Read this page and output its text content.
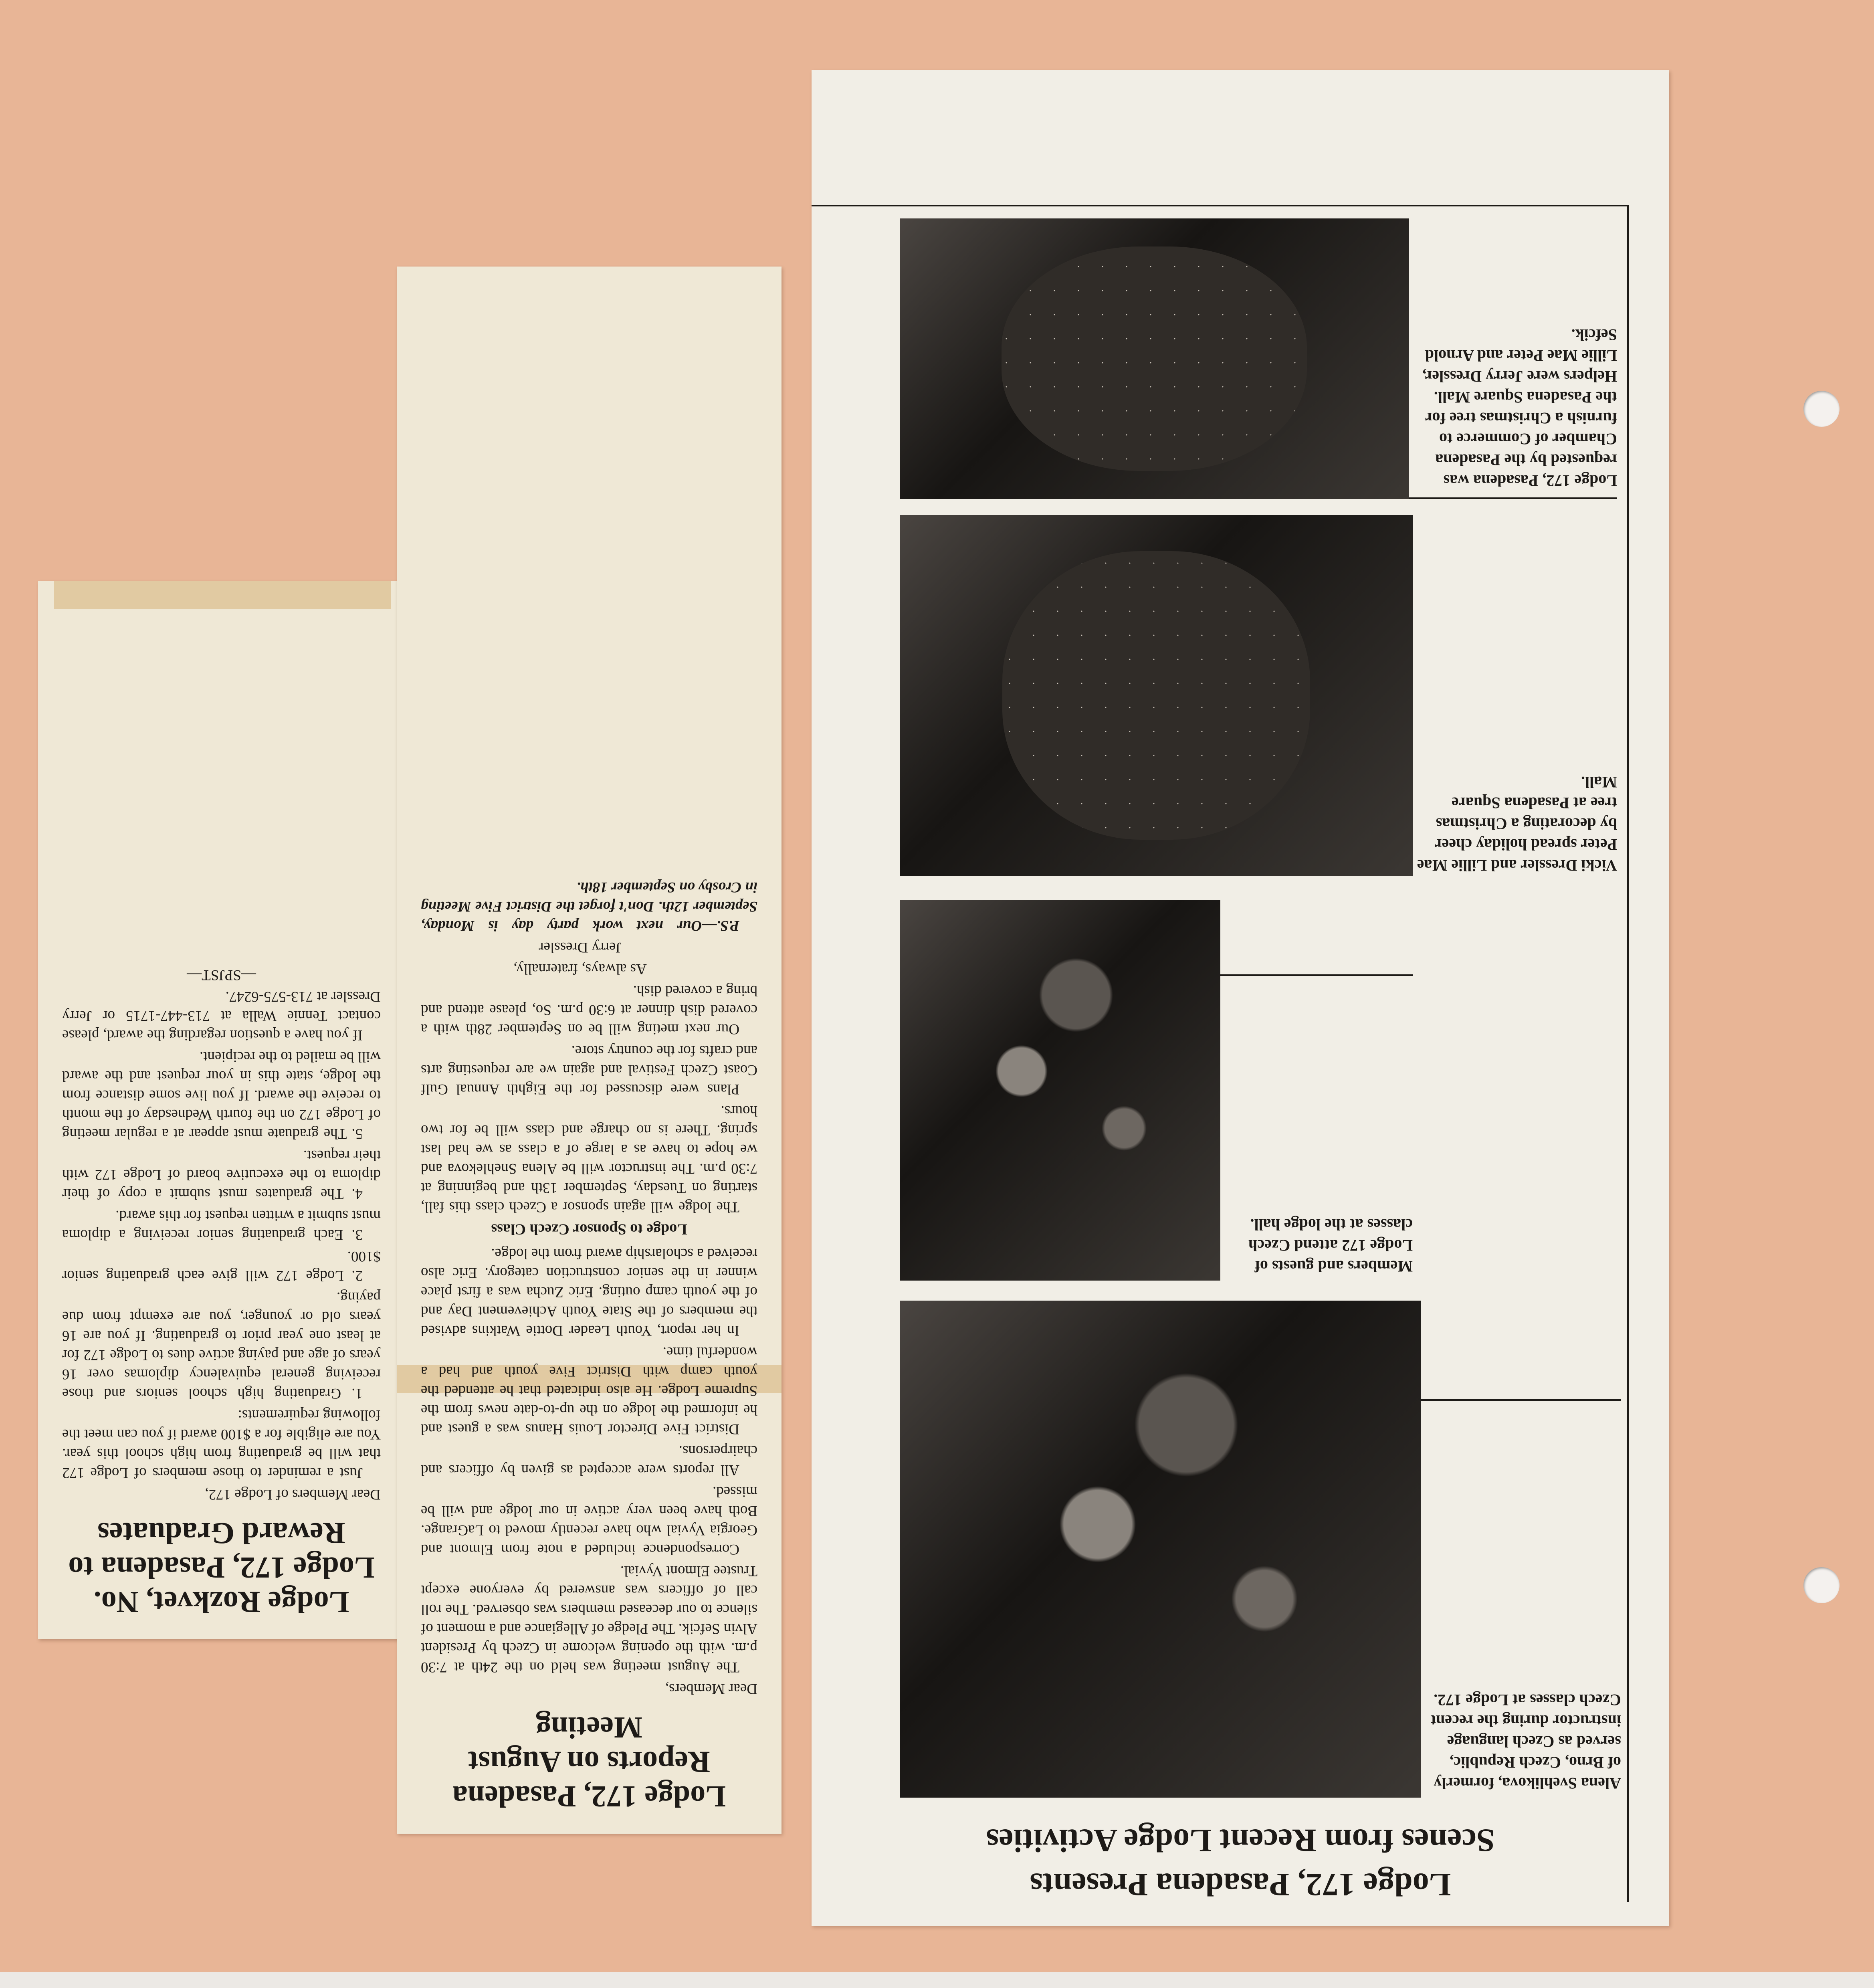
Lodge Rozkvet, No. Lodge 172, Pasadena to Reward Graduates

Dear Members of Lodge 172,

Just a reminder to those members of Lodge 172 that will be graduating from high school this year. You are eligible for a $100 award if you can meet the following requirements:

1. Graduating high school seniors and those receiving general equivalency diplomas over 16 years of age and paying active dues to Lodge 172 for at least one year prior to graduating. If you are 16 years old or younger, you are exempt from due paying.

2. Lodge 172 will give each graduating senior $100.

3. Each graduating senior receiving a diploma must submit a written request for this award.

4. The graduates must submit a copy of their diploma to the executive board of Lodge 172 with their request.

5. The graduate must appear at a regular meeting of Lodge 172 on the fourth Wednesday of the month to receive the award. If you live some distance from the lodge, state this in your request and the award will be mailed to the recipient.

If you have a question regarding the award, please contact Tennie Walla at 713-447-1715 or Jerry Dressler at 713-575-6247.

—SPJST—

Lodge 172, Pasadena Reports on August Meeting

Dear Members,

The August meeting was held on the 24th at 7:30 p.m. with the opening welcome in Czech by President Alvin Sefcik. The Pledge of Allegiance and a moment of silence to our deceased members was observed. The roll call of officers was answered by everyone except Trustee Elmont Vyvial.

Correspondence included a note from Elmont and Georgia Vyvial who have recently moved to LaGrange. Both have been very active in our lodge and will be missed.

All reports were accepted as given by officers and chairpersons.

District Five Director Louis Hanus was a guest and he informed the lodge on the up-to-date news from the Supreme Lodge. He also indicated that he attended the youth camp with District Five youth and had a wonderful time.

In her report, Youth Leader Dottie Watkins advised the members of the State Youth Achievement Day and of the youth camp outing. Eric Zucha was a first place winner in the senior construction category. Eric also received a scholarship award from the lodge.

Lodge to Sponsor Czech Class

The lodge will again sponsor a Czech class this fall, starting on Tuesday, September 13th and beginning at 7:30 p.m. The instructor will be Alena Snehlekova and we hope to have as a large of a class as we had last spring. There is no charge and class will be for two hours.

Plans were discussed for the Eighth Annual Gulf Coast Czech Festival and again we are requesting arts and crafts for the country store.

Our next meting will be on September 28th with a covered dish dinner at 6:30 p.m. So, please attend and bring a covered dish.

As always, fraternally,

Jerry Dressler

P.S.—Our next work party day is Monday, September 12th. Don't forget the District Five Meeting in Crosby on September 18th.

Lodge 172, Pasadena Presents
Scenes from Recent Lodge Activities
Alena Svehlikova, formerly of Brno, Czech Republic, served as Czech language instructor during the recent Czech classes at Lodge 172.
Members and guests of Lodge 172 attend Czech classes at the lodge hall.
Vicki Dressler and Lillie Mae Peter spread holiday cheer by decorating a Christmas tree at Pasadena Square Mall.
Lodge 172, Pasadena was requested by the Pasadena Chamber of Commerce to furnish a Christmas tree for the Pasadena Square Mall. Helpers were Jerry Dressler, Lillie Mae Peter and Arnold Sefcik.
